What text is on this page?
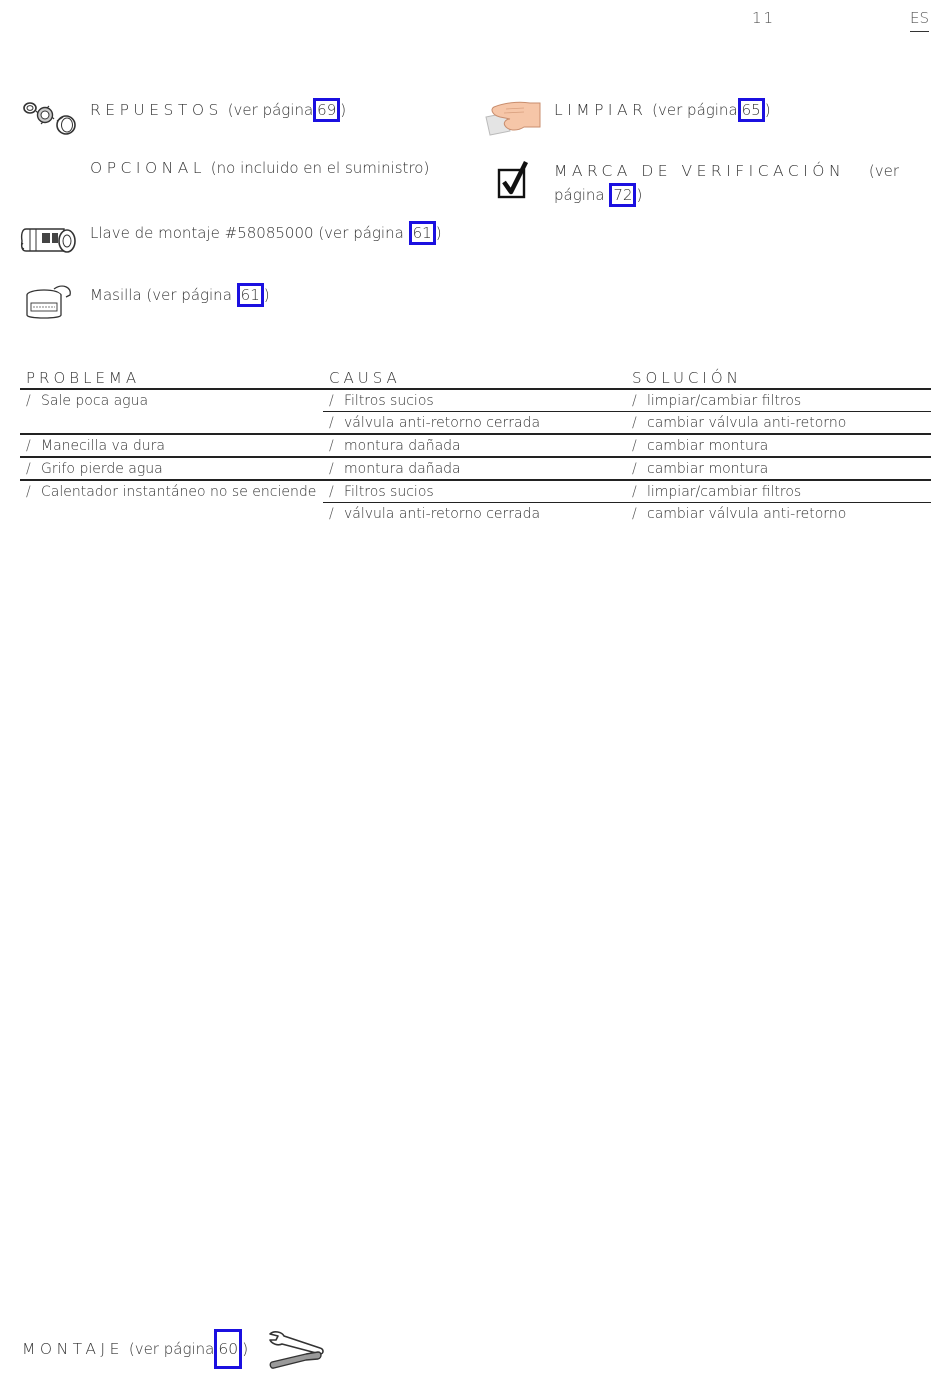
11	ES
REPUESTOS (ver página 69 )	LIMPIAR (ver página 65 )
OPCIONAL (no incluido en el suministro)	MARCA DE VERIFICACIÓN (ver
página 72 )
Llave de montaje #58085000 (ver página 61 )
Masilla (ver página 61 )
PROBLEMA	CAUSA	SOLUCIÓN

/ Sale poca agua	/ Filtros sucios	/ limpiar/cambiar filtros

	/ válvula anti-retorno cerrada	/ cambiar válvula anti-retorno

/ Manecilla va dura	/ montura dañada	/ cambiar montura

/ Grifo pierde agua	/ montura dañada	/ cambiar montura

/ Calentador instantáneo no se enciende	/ Filtros sucios	/ limpiar/cambiar filtros

	/ válvula anti-retorno cerrada	/ cambiar válvula anti-retorno
MONTAJE (ver página 60 )
